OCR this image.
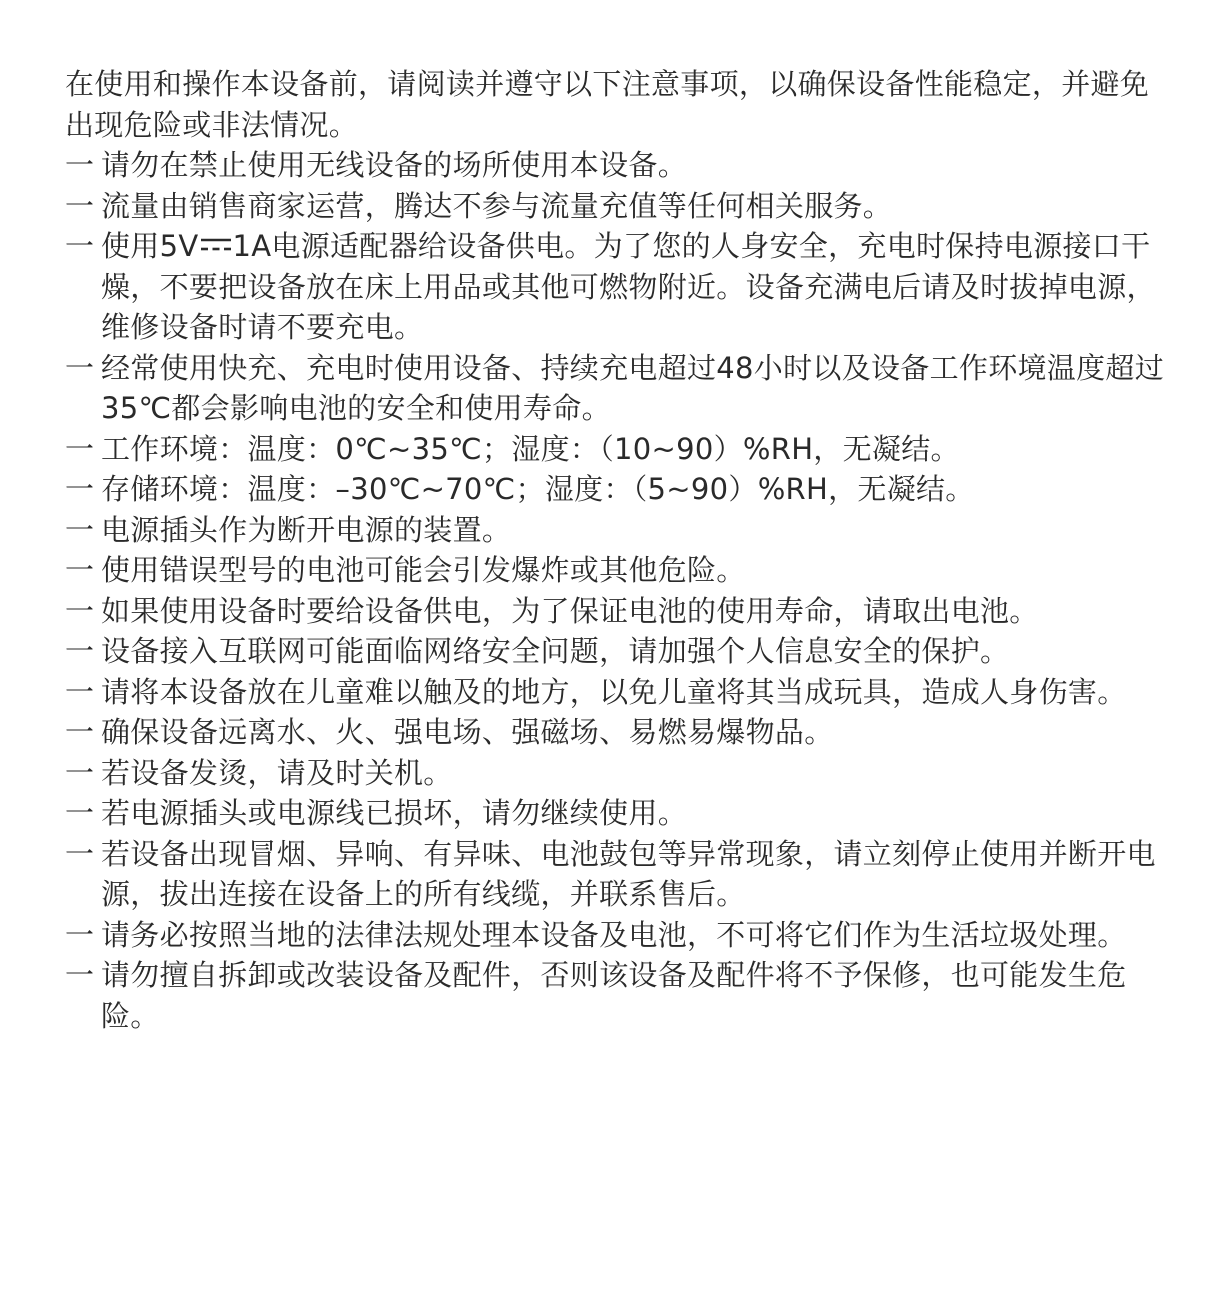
在使用和操作本设备前，请阅读并遵守以下注意事项，以确保设备性能稳定，并避免出现危险或非法情况。

一 请勿在禁止使用无线设备的场所使用本设备。
一 流量由销售商家运营，腾达不参与流量充值等任何相关服务。
一 使用5V 1A电源适配器给设备供电。为了您的人身安全，充电时保持电源接口干燥，不要把设备放在床上用品或其他可燃物附近。设备充满电后请及时拔掉电源，维修设备时请不要充电。
一 经常使用快充、充电时使用设备、持续充电超过48小时以及设备工作环境温度超过35℃都会影响电池的安全和使用寿命。
一 工作环境：温度：0℃~35℃；湿度：（10~90）%RH，无凝结。
一 存储环境：温度：–30℃~70℃；湿度：（5~90）%RH，无凝结。
一 电源插头作为断开电源的装置。
一 使用错误型号的电池可能会引发爆炸或其他危险。
一 如果使用设备时要给设备供电，为了保证电池的使用寿命，请取出电池。
一 设备接入互联网可能面临网络安全问题，请加强个人信息安全的保护。
一 请将本设备放在儿童难以触及的地方，以免儿童将其当成玩具，造成人身伤害。
一 确保设备远离水、火、强电场、强磁场、易燃易爆物品。
一 若设备发烫，请及时关机。
一 若电源插头或电源线已损坏，请勿继续使用。
一 若设备出现冒烟、异响、有异味、电池鼓包等异常现象，请立刻停止使用并断开电源，拔出连接在设备上的所有线缆，并联系售后。
一 请务必按照当地的法律法规处理本设备及电池，不可将它们作为生活垃圾处理。
一 请勿擅自拆卸或改装设备及配件，否则该设备及配件将不予保修，也可能发生危险。
